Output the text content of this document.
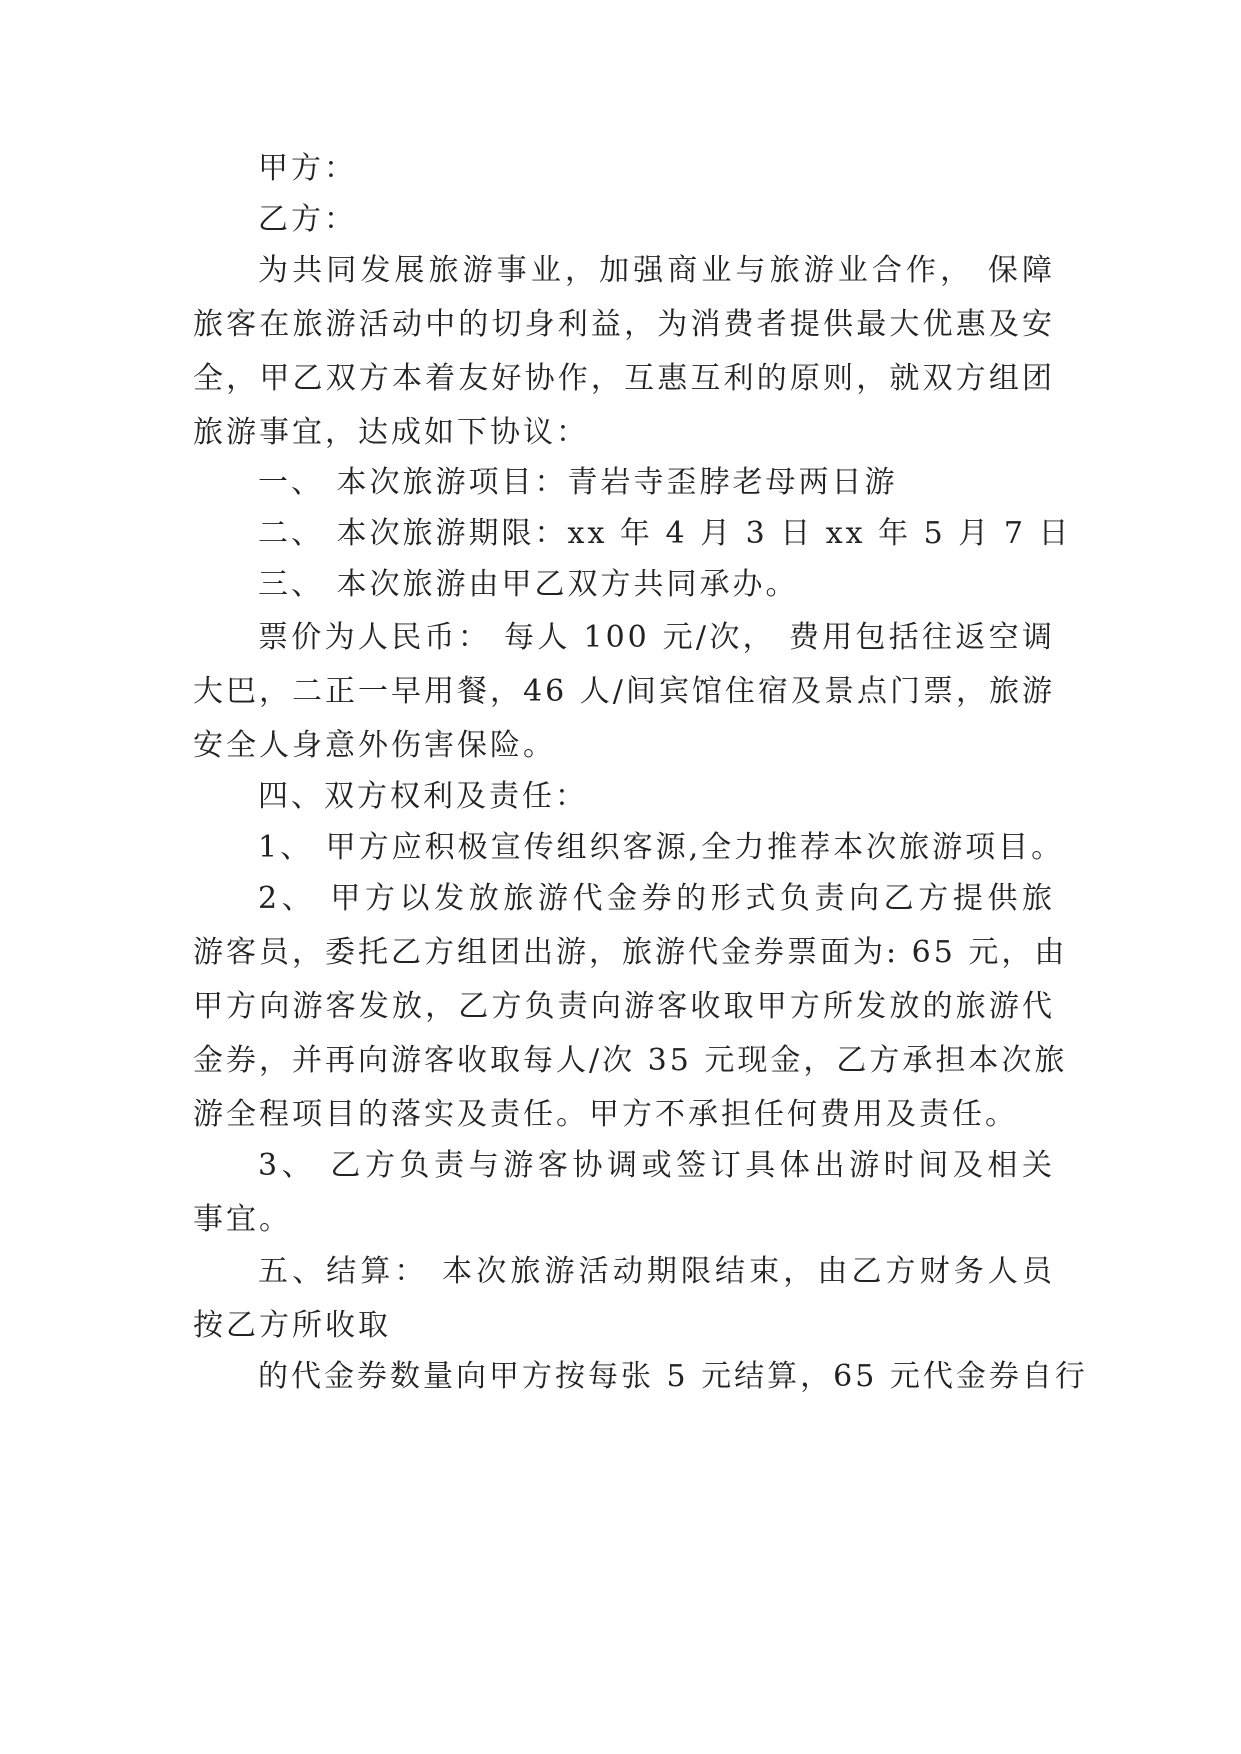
甲方：
乙方：
为共同发展旅游事业，加强商业与旅游业合作， 保障
旅客在旅游活动中的切身利益，为消费者提供最大优惠及安
全，甲乙双方本着友好协作，互惠互利的原则，就双方组团
旅游事宜，达成如下协议：
一、 本次旅游项目：青岩寺歪脖老母两日游
二、 本次旅游期限：xx 年 4 月 3 日 xx 年 5 月 7 日
三、 本次旅游由甲乙双方共同承办。
票价为人民币： 每人 100 元/次， 费用包括往返空调
大巴，二正一早用餐，46 人/间宾馆住宿及景点门票，旅游
安全人身意外伤害保险。
四、双方权利及责任：
1、 甲方应积极宣传组织客源,全力推荐本次旅游项目。
2、 甲方以发放旅游代金券的形式负责向乙方提供旅
游客员，委托乙方组团出游，旅游代金券票面为: 65 元，由
甲方向游客发放，乙方负责向游客收取甲方所发放的旅游代
金券，并再向游客收取每人/次 35 元现金，乙方承担本次旅
游全程项目的落实及责任。甲方不承担任何费用及责任。
3、 乙方负责与游客协调或签订具体出游时间及相关
事宜。
五、结算： 本次旅游活动期限结束，由乙方财务人员
按乙方所收取
的代金券数量向甲方按每张 5 元结算，65 元代金券自行
